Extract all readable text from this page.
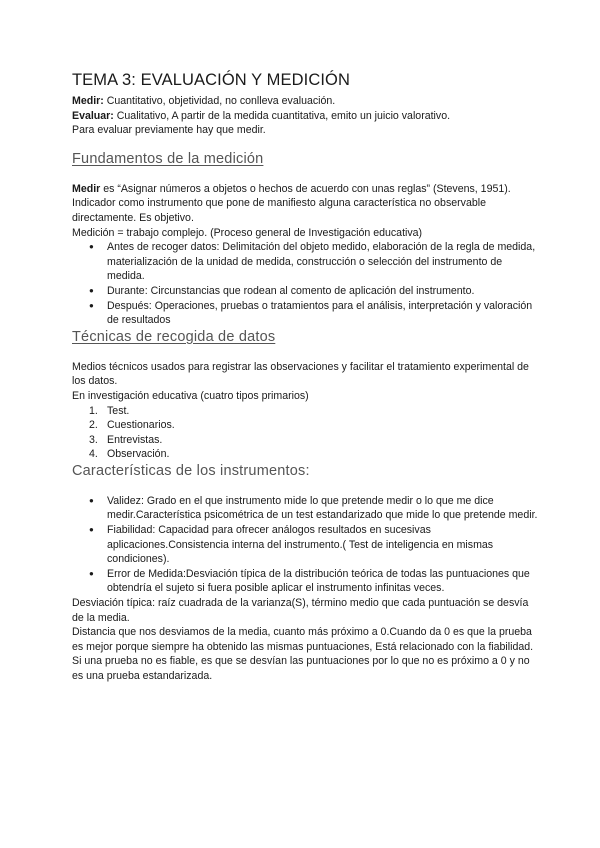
TEMA 3: EVALUACIÓN Y MEDICIÓN

Medir: Cuantitativo, objetividad, no conlleva evaluación.

Evaluar: Cualitativo, A partir de la medida cuantitativa, emito un juicio valorativo.

Para evaluar previamente hay que medir.

Fundamentos de la medición

Medir es “Asignar números a objetos o hechos de acuerdo con unas reglas” (Stevens, 1951).

Indicador como instrumento que pone de manifiesto alguna característica no observable directamente. Es objetivo.

Medición = trabajo complejo. (Proceso general de Investigación educativa)

● Antes de recoger datos: Delimitación del objeto medido, elaboración de la regla de medida, materialización de la unidad de medida, construcción o selección del instrumento de medida.
● Durante: Circunstancias que rodean al comento de aplicación del instrumento.
● Después: Operaciones, pruebas o tratamientos para el análisis, interpretación y valoración de resultados
Técnicas de recogida de datos

Medios técnicos usados para registrar las observaciones y facilitar el tratamiento experimental de los datos.

En investigación educativa (cuatro tipos primarios)

1. Test.
2. Cuestionarios.
3. Entrevistas.
4. Observación.
Características de los instrumentos:
● Validez: Grado en el que instrumento mide lo que pretende medir o lo que me dice medir.Característica psicométrica de un test estandarizado que mide lo que pretende medir.
● Fiabilidad: Capacidad para ofrecer análogos resultados en sucesivas aplicaciones.Consistencia interna del instrumento.( Test de inteligencia en mismas condiciones).
● Error de Medida:Desviación típica de la distribución teórica de todas las puntuaciones que obtendría el sujeto si fuera posible aplicar el instrumento infinitas veces.

Desviación típica: raíz cuadrada de la varianza(S), término medio que cada puntuación se desvía de la media.

Distancia que nos desviamos de la media, cuanto más próximo a 0.Cuando da 0 es que la prueba es mejor porque siempre ha obtenido las mismas puntuaciones, Está relacionado con la fiabilidad.

Si una prueba no es fiable, es que se desvían las puntuaciones por lo que no es próximo a 0 y no es una prueba estandarizada.
